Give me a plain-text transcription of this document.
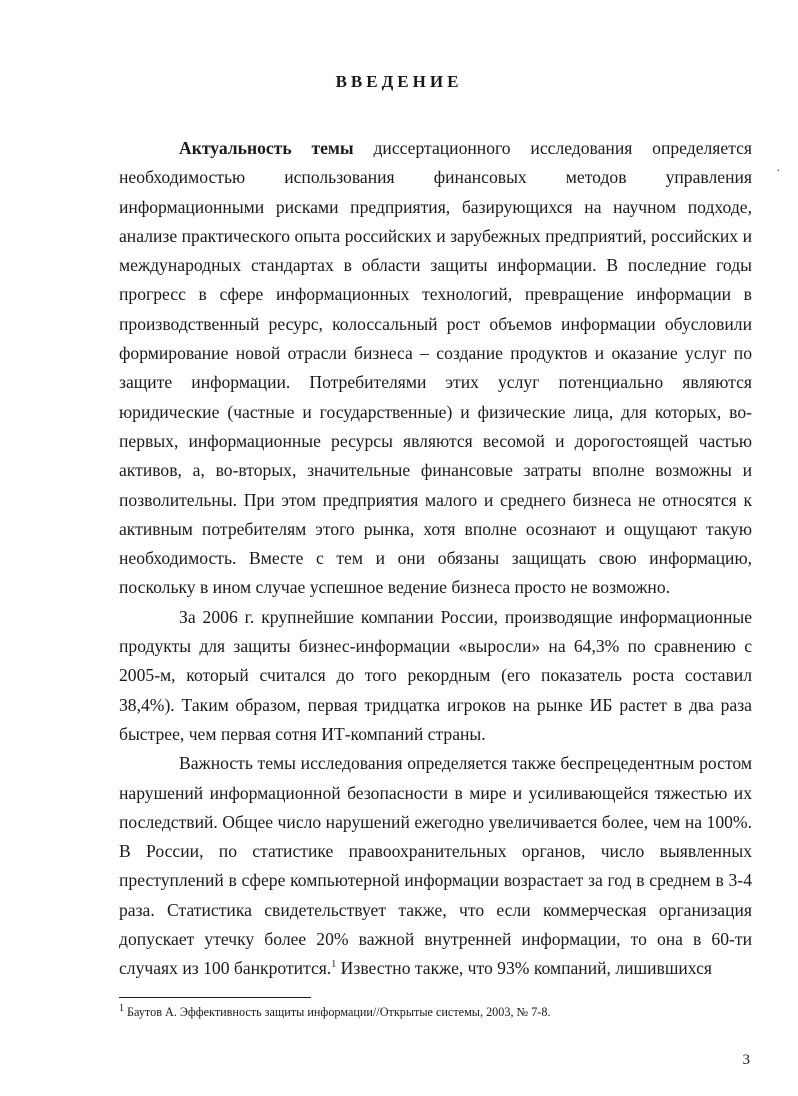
ВВЕДЕНИЕ
·

Актуальность темы диссертационного исследования определяется необходимостью использования финансовых методов управления информационными рисками предприятия, базирующихся на научном подходе, анализе практического опыта российских и зарубежных предприятий, российских и международных стандартах в области защиты информации. В последние годы прогресс в сфере информационных технологий, превращение информации в производственный ресурс, колоссальный рост объемов информации обусловили формирование новой отрасли бизнеса – создание продуктов и оказание услуг по защите информации. Потребителями этих услуг потенциально являются юридические (частные и государственные) и физические лица, для которых, во-первых, информационные ресурсы являются весомой и дорогостоящей частью активов, а, во-вторых, значительные финансовые затраты вполне возможны и позволительны. При этом предприятия малого и среднего бизнеса не относятся к активным потребителям этого рынка, хотя вполне осознают и ощущают такую необходимость. Вместе с тем и они обязаны защищать свою информацию, поскольку в ином случае успешное ведение бизнеса просто не возможно.

За 2006 г. крупнейшие компании России, производящие информационные продукты для защиты бизнес-информации «выросли» на 64,3% по сравнению с 2005-м, который считался до того рекордным (его показатель роста составил 38,4%). Таким образом, первая тридцатка игроков на рынке ИБ растет в два раза быстрее, чем первая сотня ИТ-компаний страны.

Важность темы исследования определяется также беспрецедентным ростом нарушений информационной безопасности в мире и усиливающейся тяжестью их последствий. Общее число нарушений ежегодно увеличивается более, чем на 100%. В России, по статистике правоохранительных органов, число выявленных преступлений в сфере компьютерной информации возрастает за год в среднем в 3-4 раза. Статистика свидетельствует также, что если коммерческая организация допускает утечку более 20% важной внутренней информации, то она в 60-ти случаях из 100 банкротится.$^1$ Известно также, что 93% компаний, лишившихся

$^1$ Баутов А. Эффективность защиты информации//Открытые системы, 2003, № 7-8.
3
